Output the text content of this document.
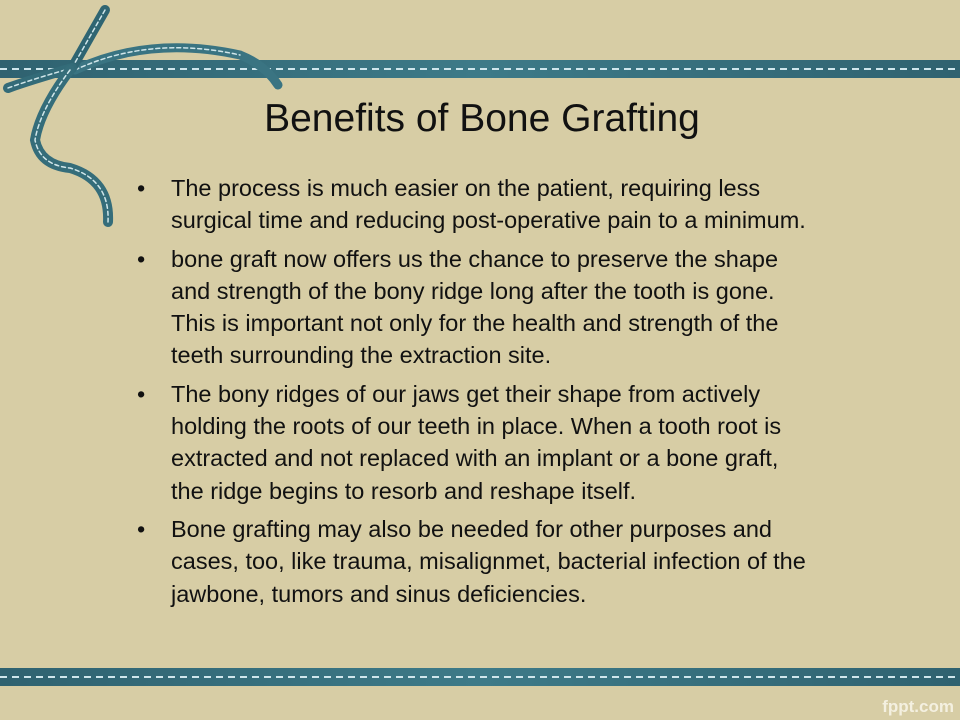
Benefits of Bone Grafting
• The process is much easier on the patient, requiring less
surgical time and reducing post-operative pain to a minimum.
• bone graft now offers us the chance to preserve the shape
and strength of the bony ridge long after the tooth is gone.
This is important not only for the health and strength of the
teeth surrounding the extraction site.
• The bony ridges of our jaws get their shape from actively
holding the roots of our teeth in place. When a tooth root is
extracted and not replaced with an implant or a bone graft,
the ridge begins to resorb and reshape itself.
• Bone grafting may also be needed for other purposes and
cases, too, like trauma, misalignmet, bacterial infection of the
jawbone, tumors and sinus deficiencies.
fppt.com
